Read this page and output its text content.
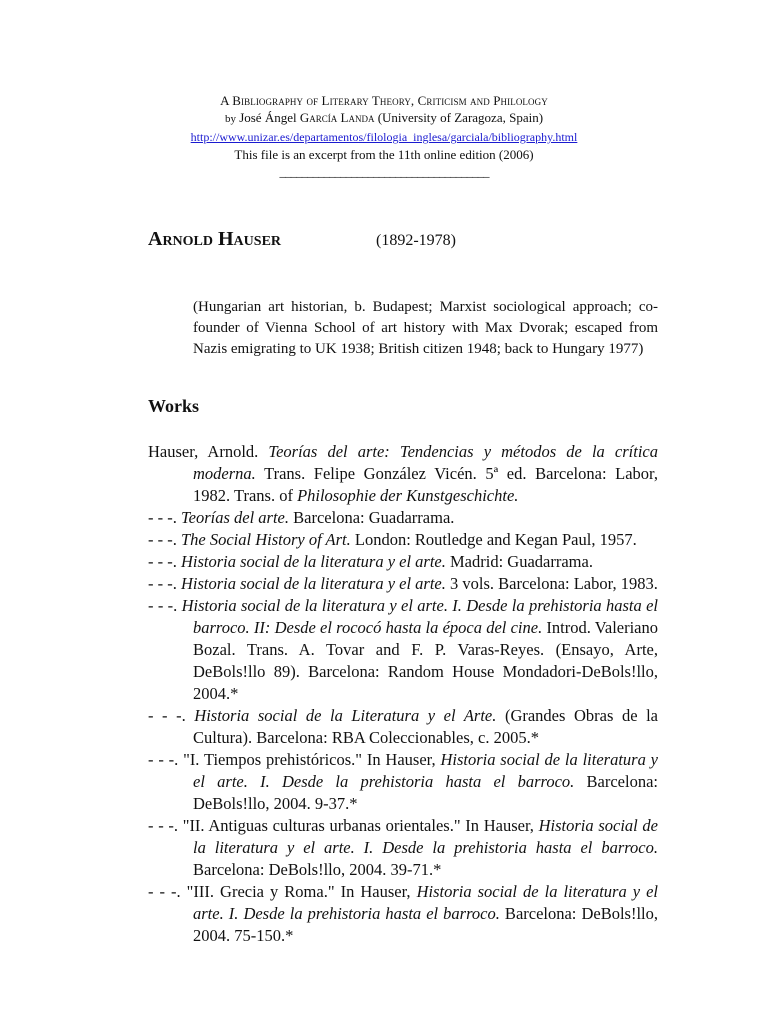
A Bibliography of Literary Theory, Criticism and Philology
by José Ángel García Landa (University of Zaragoza, Spain)
http://www.unizar.es/departamentos/filologia_inglesa/garciala/bibliography.html
This file is an excerpt from the 11th online edition (2006)
______________________________________
Arnold Hauser	(1892-1978)
(Hungarian art historian, b. Budapest; Marxist sociological approach; co-founder of Vienna School of art history with Max Dvorak; escaped from Nazis emigrating to UK 1938; British citizen 1948; back to Hungary 1977)
Works

Hauser, Arnold. Teorías del arte: Tendencias y métodos de la crítica moderna. Trans. Felipe González Vicén. 5ª ed. Barcelona: Labor, 1982. Trans. of Philosophie der Kunstgeschichte.

- - -. Teorías del arte. Barcelona: Guadarrama.

- - -. The Social History of Art. London: Routledge and Kegan Paul, 1957.

- - -. Historia social de la literatura y el arte. Madrid: Guadarrama.

- - -. Historia social de la literatura y el arte. 3 vols. Barcelona: Labor, 1983.

- - -. Historia social de la literatura y el arte. I. Desde la prehistoria hasta el barroco. II: Desde el rococó hasta la época del cine. Introd. Valeriano Bozal. Trans. A. Tovar and F. P. Varas-Reyes. (Ensayo, Arte, DeBols!llo 89). Barcelona: Random House Mondadori-DeBols!llo, 2004.*

- - -. Historia social de la Literatura y el Arte. (Grandes Obras de la Cultura). Barcelona: RBA Coleccionables, c. 2005.*

- - -. "I. Tiempos prehistóricos." In Hauser, Historia social de la literatura y el arte. I. Desde la prehistoria hasta el barroco. Barcelona: DeBols!llo, 2004. 9-37.*

- - -. "II. Antiguas culturas urbanas orientales." In Hauser, Historia social de la literatura y el arte. I. Desde la prehistoria hasta el barroco. Barcelona: DeBols!llo, 2004. 39-71.*

- - -. "III. Grecia y Roma." In Hauser, Historia social de la literatura y el arte. I. Desde la prehistoria hasta el barroco. Barcelona: DeBols!llo, 2004. 75-150.*
